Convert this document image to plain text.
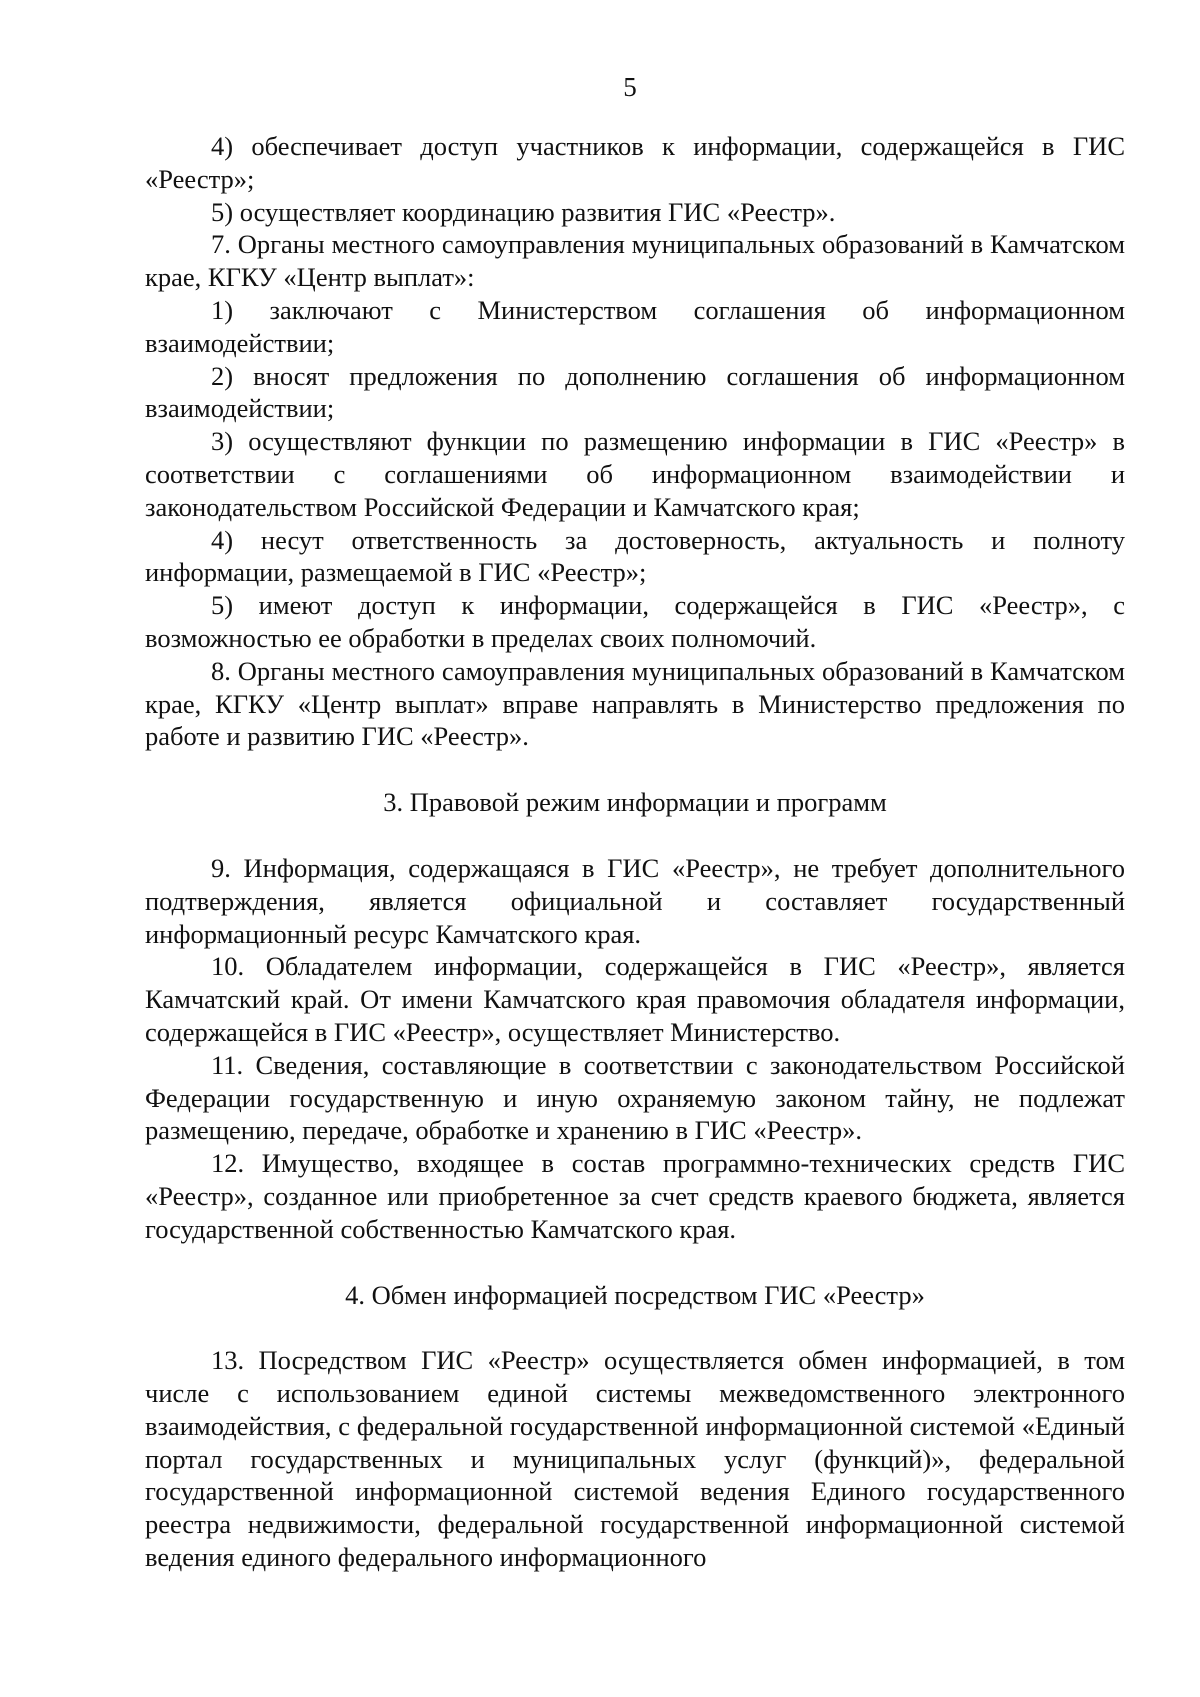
5

4) обеспечивает доступ участников к информации, содержащейся в ГИС «Реестр»;

5) осуществляет координацию развития ГИС «Реестр».

7. Органы местного самоуправления муниципальных образований в Камчатском крае, КГКУ «Центр выплат»:

1) заключают с Министерством соглашения об информационном взаимодействии;

2) вносят предложения по дополнению соглашения об информационном взаимодействии;

3) осуществляют функции по размещению информации в ГИС «Реестр» в соответствии с соглашениями об информационном взаимодействии и законодательством Российской Федерации и Камчатского края;

4) несут ответственность за достоверность, актуальность и полноту информации, размещаемой в ГИС «Реестр»;

5) имеют доступ к информации, содержащейся в ГИС «Реестр», с возможностью ее обработки в пределах своих полномочий.

8. Органы местного самоуправления муниципальных образований в Камчатском крае, КГКУ «Центр выплат» вправе направлять в Министерство предложения по работе и развитию ГИС «Реестр».

3. Правовой режим информации и программ

9. Информация, содержащаяся в ГИС «Реестр», не требует дополнительного подтверждения, является официальной и составляет государственный информационный ресурс Камчатского края.

10. Обладателем информации, содержащейся в ГИС «Реестр», является Камчатский край. От имени Камчатского края правомочия обладателя информации, содержащейся в ГИС «Реестр», осуществляет Министерство.

11. Сведения, составляющие в соответствии с законодательством Российской Федерации государственную и иную охраняемую законом тайну, не подлежат размещению, передаче, обработке и хранению в ГИС «Реестр».

12. Имущество, входящее в состав программно-технических средств ГИС «Реестр», созданное или приобретенное за счет средств краевого бюджета, является государственной собственностью Камчатского края.

4. Обмен информацией посредством ГИС «Реестр»

13. Посредством ГИС «Реестр» осуществляется обмен информацией, в том числе с использованием единой системы межведомственного электронного взаимодействия, с федеральной государственной информационной системой «Единый портал государственных и муниципальных услуг (функций)», федеральной государственной информационной системой ведения Единого государственного реестра недвижимости, федеральной государственной информационной системой ведения единого федерального информационного
